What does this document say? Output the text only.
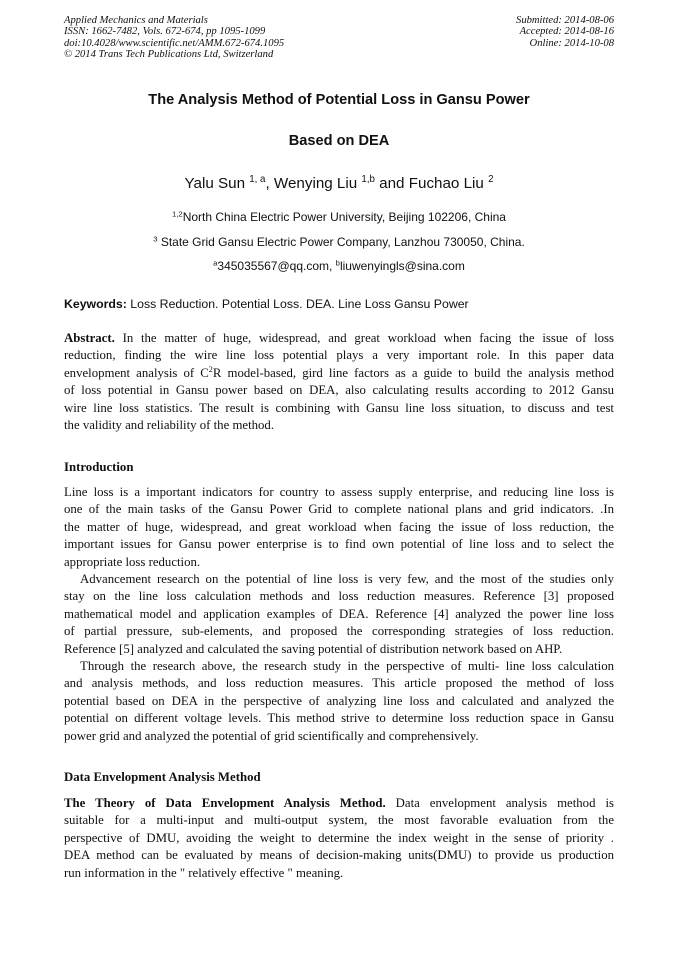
Applied Mechanics and Materials
ISSN: 1662-7482, Vols. 672-674, pp 1095-1099
doi:10.4028/www.scientific.net/AMM.672-674.1095
© 2014 Trans Tech Publications Ltd, Switzerland
Submitted: 2014-08-06
Accepted: 2014-08-16
Online: 2014-10-08
The Analysis Method of Potential Loss in Gansu Power
Based on DEA
Yalu Sun $^{1, a}$, Wenying Liu $^{1,b}$ and Fuchao Liu $^2$
$^{1,2}$North China Electric Power University, Beijing 102206, China
$^3$ State Grid Gansu Electric Power Company, Lanzhou 730050, China.
$^a$345035567@qq.com, $^b$liuwenyingls@sina.com
Keywords: Loss Reduction. Potential Loss. DEA. Line Loss Gansu Power
Abstract. In the matter of huge, widespread, and great workload when facing the issue of loss
reduction, finding the wire line loss potential plays a very important role. In this paper data
envelopment analysis of $C^2R$ model-based, gird line factors as a guide to build the analysis method
of loss potential in Gansu power based on DEA, also calculating results according to 2012 Gansu
wire line loss statistics. The result is combining with Gansu line loss situation, to discuss and test
the validity and reliability of the method.
Introduction
Line loss is a important indicators for country to assess supply enterprise, and reducing line loss is
one of the main tasks of the Gansu Power Grid to complete national plans and grid indicators. .In
the matter of huge, widespread, and great workload when facing the issue of loss reduction, the
important issues for Gansu power enterprise is to find own potential of line loss and to select the
appropriate loss reduction.
Advancement research on the potential of line loss is very few, and the most of the studies only
stay on the line loss calculation methods and loss reduction measures. Reference [3] proposed
mathematical model and application examples of DEA. Reference [4] analyzed the power line loss
of partial pressure, sub-elements, and proposed the corresponding strategies of loss reduction.
Reference [5] analyzed and calculated the saving potential of distribution network based on AHP.
Through the research above, the research study in the perspective of multi- line loss calculation
and analysis methods, and loss reduction measures. This article proposed the method of loss
potential based on DEA in the perspective of analyzing line loss and calculated and analyzed the
potential on different voltage levels. This method strive to determine loss reduction space in Gansu
power grid and analyzed the potential of grid scientifically and comprehensively.
Data Envelopment Analysis Method
The Theory of Data Envelopment Analysis Method. Data envelopment analysis method is
suitable for a multi-input and multi-output system, the most favorable evaluation from the
perspective of DMU, avoiding the weight to determine the index weight in the sense of priority .
DEA method can be evaluated by means of decision-making units(DMU) to provide us production
run information in the " relatively effective " meaning.
